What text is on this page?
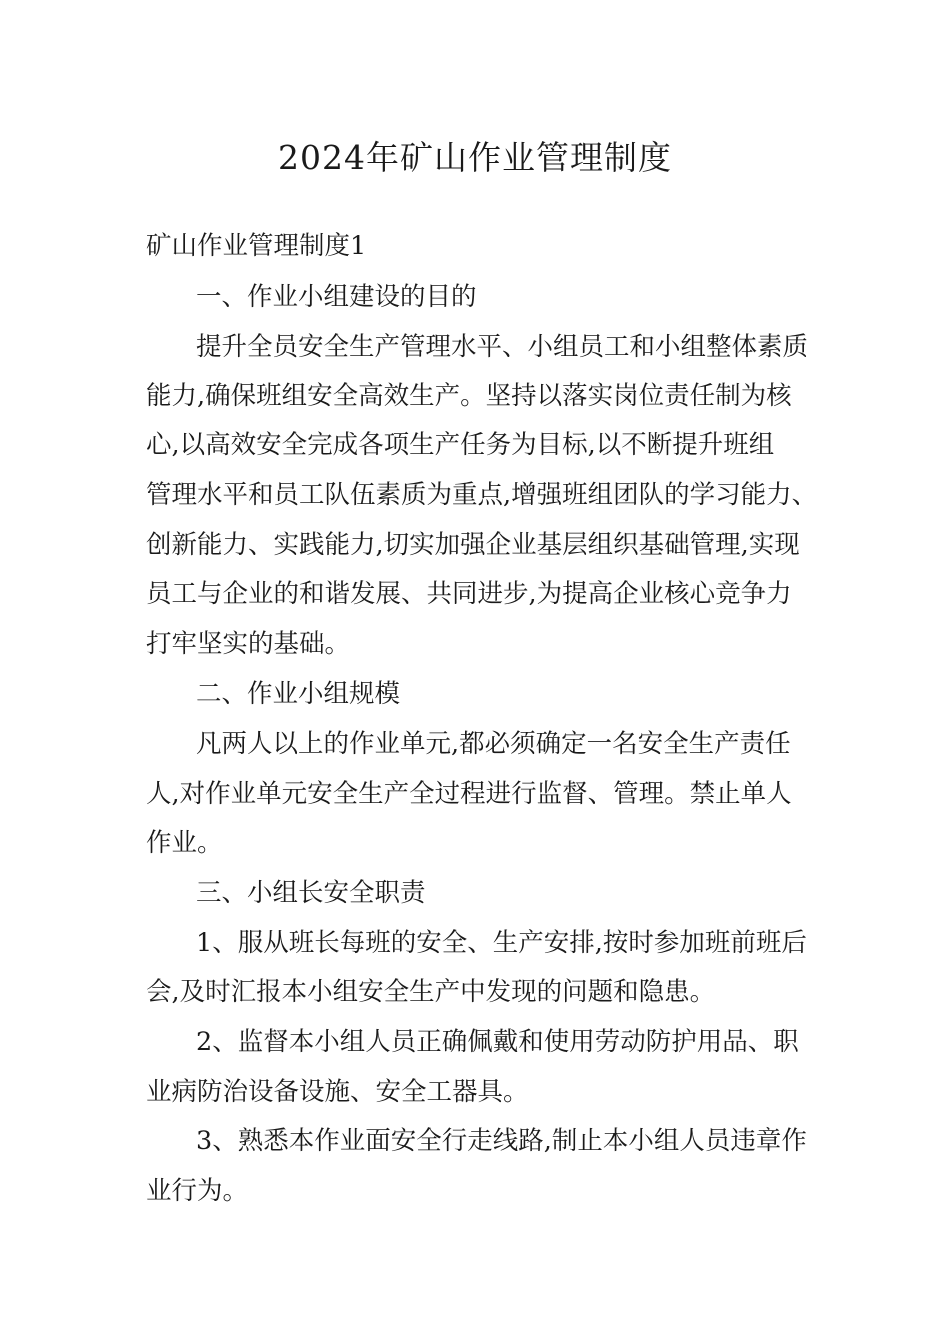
2024年矿山作业管理制度
矿山作业管理制度1
一、作业小组建设的目的
提升全员安全生产管理水平、小组员工和小组整体素质
能力,确保班组安全高效生产。坚持以落实岗位责任制为核
心,以高效安全完成各项生产任务为目标,以不断提升班组
管理水平和员工队伍素质为重点,增强班组团队的学习能力、
创新能力、实践能力,切实加强企业基层组织基础管理,实现
员工与企业的和谐发展、共同进步,为提高企业核心竞争力
打牢坚实的基础。
二、作业小组规模
凡两人以上的作业单元,都必须确定一名安全生产责任
人,对作业单元安全生产全过程进行监督、管理。禁止单人
作业。
三、小组长安全职责
1、服从班长每班的安全、生产安排,按时参加班前班后
会,及时汇报本小组安全生产中发现的问题和隐患。
2、监督本小组人员正确佩戴和使用劳动防护用品、职
业病防治设备设施、安全工器具。
3、熟悉本作业面安全行走线路,制止本小组人员违章作
业行为。
